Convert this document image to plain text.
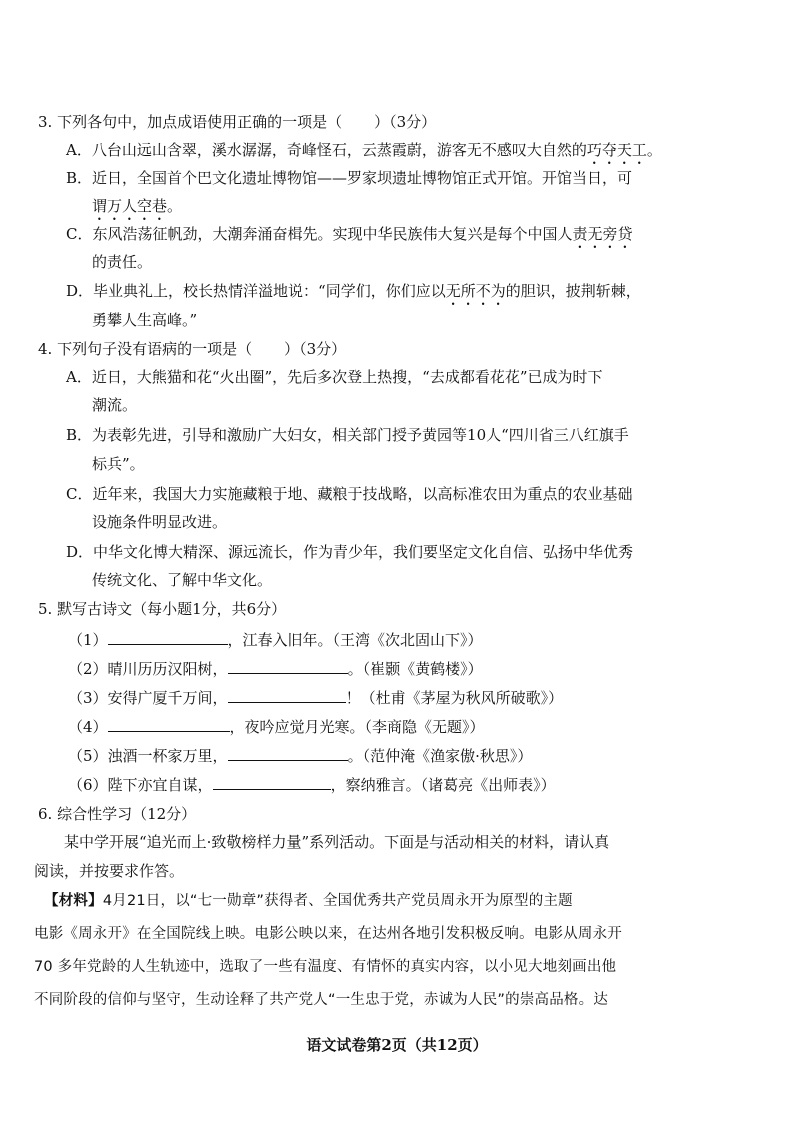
3. 下列各句中，加点成语使用正确的一项是（ ）（3分）
A．八台山远山含翠，溪水潺潺，奇峰怪石，云蒸霞蔚，游客无不感叹大自然的巧夺天工。
B．近日，全国首个巴文化遗址博物馆——罗家坝遗址博物馆正式开馆。开馆当日，可
谓万人空巷。
C．东风浩荡征帆劲，大潮奔涌奋楫先。实现中华民族伟大复兴是每个中国人责无旁贷
的责任。
D．毕业典礼上，校长热情洋溢地说：“同学们，你们应以无所不为的胆识，披荆斩棘，
勇攀人生高峰。”
4. 下列句子没有语病的一项是（ ）（3分）
A．近日，大熊猫和花“火出圈”，先后多次登上热搜，“去成都看花花”已成为时下
潮流。
B．为表彰先进，引导和激励广大妇女，相关部门授予黄园等10人“四川省三八红旗手
标兵”。
C．近年来，我国大力实施藏粮于地、藏粮于技战略，以高标准农田为重点的农业基础
设施条件明显改进。
D．中华文化博大精深、源远流长，作为青少年，我们要坚定文化自信、弘扬中华优秀
传统文化、了解中华文化。
5. 默写古诗文（每小题1分，共6分）
（1）	，江春入旧年。（王湾《次北固山下》）
（2）晴川历历汉阳树，	。（崔颢《黄鹤楼》）
（3）安得广厦千万间，	！（杜甫《茅屋为秋风所破歌》）
（4）	，夜吟应觉月光寒。（李商隐《无题》）
（5）浊酒一杯家万里，	。（范仲淹《渔家傲·秋思》）
（6）陛下亦宜自谋，	，察纳雅言。（诸葛亮《出师表》）
6. 综合性学习（12分）
某中学开展“追光而上·致敬榜样力量”系列活动。下面是与活动相关的材料，请认真
阅读，并按要求作答。
【材料】4月21日，以“七一勋章”获得者、全国优秀共产党员周永开为原型的主题
电影《周永开》在全国院线上映。电影公映以来，在达州各地引发积极反响。电影从周永开
70 多年党龄的人生轨迹中，选取了一些有温度、有情怀的真实内容，以小见大地刻画出他
不同阶段的信仰与坚守，生动诠释了共产党人“一生忠于党，赤诚为人民”的崇高品格。达
语文试卷第2页（共12页）
